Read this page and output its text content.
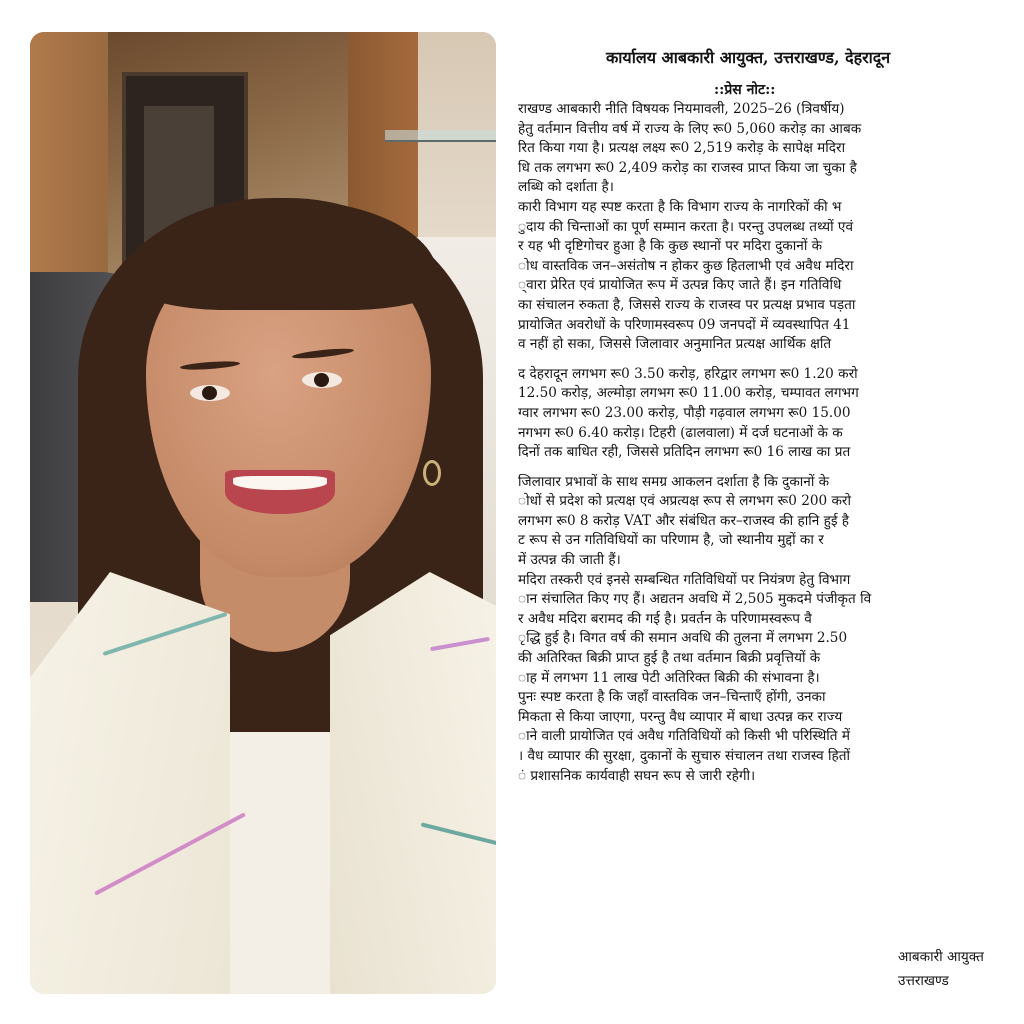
कार्यालय आबकारी आयुक्त, उत्तराखण्ड, देहरादून
::प्रेस नोट::
राखण्ड आबकारी नीति विषयक नियमावली, 2025–26 (त्रिवर्षीय)
हेतु वर्तमान वित्तीय वर्ष में राज्य के लिए रू0 5,060 करोड़ का आबक
रित किया गया है। प्रत्यक्ष लक्ष्य रू0 2,519 करोड़ के सापेक्ष मदिरा
धि तक लगभग रू0 2,409 करोड़ का राजस्व प्राप्त किया जा चुका है
लब्धि को दर्शाता है।
कारी विभाग यह स्पष्ट करता है कि विभाग राज्य के नागरिकों की भ
ुदाय की चिन्ताओं का पूर्ण सम्मान करता है। परन्तु उपलब्ध तथ्यों एवं
र यह भी दृष्टिगोचर हुआ है कि कुछ स्थानों पर मदिरा दुकानों के
ोध वास्तविक जन–असंतोष न होकर कुछ हितलाभी एवं अवैध मदिरा
्वारा प्रेरित एवं प्रायोजित रूप में उत्पन्न किए जाते हैं। इन गतिविधि
का संचालन रुकता है, जिससे राज्य के राजस्व पर प्रत्यक्ष प्रभाव पड़ता
प्रायोजित अवरोधों के परिणामस्वरूप 09 जनपदों में व्यवस्थापित 41
व नहीं हो सका, जिससे जिलावार अनुमानित प्रत्यक्ष आर्थिक क्षति
द देहरादून लगभग रू0 3.50 करोड़, हरिद्वार लगभग रू0 1.20 करो
12.50 करोड़, अल्मोड़ा लगभग रू0 11.00 करोड़, चम्पावत लगभग
ग्वार लगभग रू0 23.00 करोड़, पौड़ी गढ़वाल लगभग रू0 15.00
नगभग रू0 6.40 करोड़। टिहरी (ढालवाला) में दर्ज घटनाओं के क
दिनों तक बाधित रही, जिससे प्रतिदिन लगभग रू0 16 लाख का प्रत
जिलावार प्रभावों के साथ समग्र आकलन दर्शाता है कि दुकानों के
ोधों से प्रदेश को प्रत्यक्ष एवं अप्रत्यक्ष रूप से लगभग रू0 200 करो
लगभग रू0 8 करोड़ VAT और संबंधित कर–राजस्व की हानि हुई है
ट रूप से उन गतिविधियों का परिणाम है, जो स्थानीय मुद्दों का र
में उत्पन्न की जाती हैं।
मदिरा तस्करी एवं इनसे सम्बन्धित गतिविधियों पर नियंत्रण हेतु विभाग
ान संचालित किए गए हैं। अद्यतन अवधि में 2,505 मुकदमे पंजीकृत वि
र अवैध मदिरा बरामद की गई है। प्रवर्तन के परिणामस्वरूप वै
ृद्धि हुई है। विगत वर्ष की समान अवधि की तुलना में लगभग 2.50
की अतिरिक्त बिक्री प्राप्त हुई है तथा वर्तमान बिक्री प्रवृत्तियों के
ाह में लगभग 11 लाख पेटी अतिरिक्त बिक्री की संभावना है।
पुनः स्पष्ट करता है कि जहाँ वास्तविक जन–चिन्ताएँ होंगी, उनका
मिकता से किया जाएगा, परन्तु वैध व्यापार में बाधा उत्पन्न कर राज्य
ाने वाली प्रायोजित एवं अवैध गतिविधियों को किसी भी परिस्थिति में
। वैध व्यापार की सुरक्षा, दुकानों के सुचारु संचालन तथा राजस्व हितों
ं प्रशासनिक कार्यवाही सघन रूप से जारी रहेगी।
आबकारी आयुक्त
उत्तराखण्ड
